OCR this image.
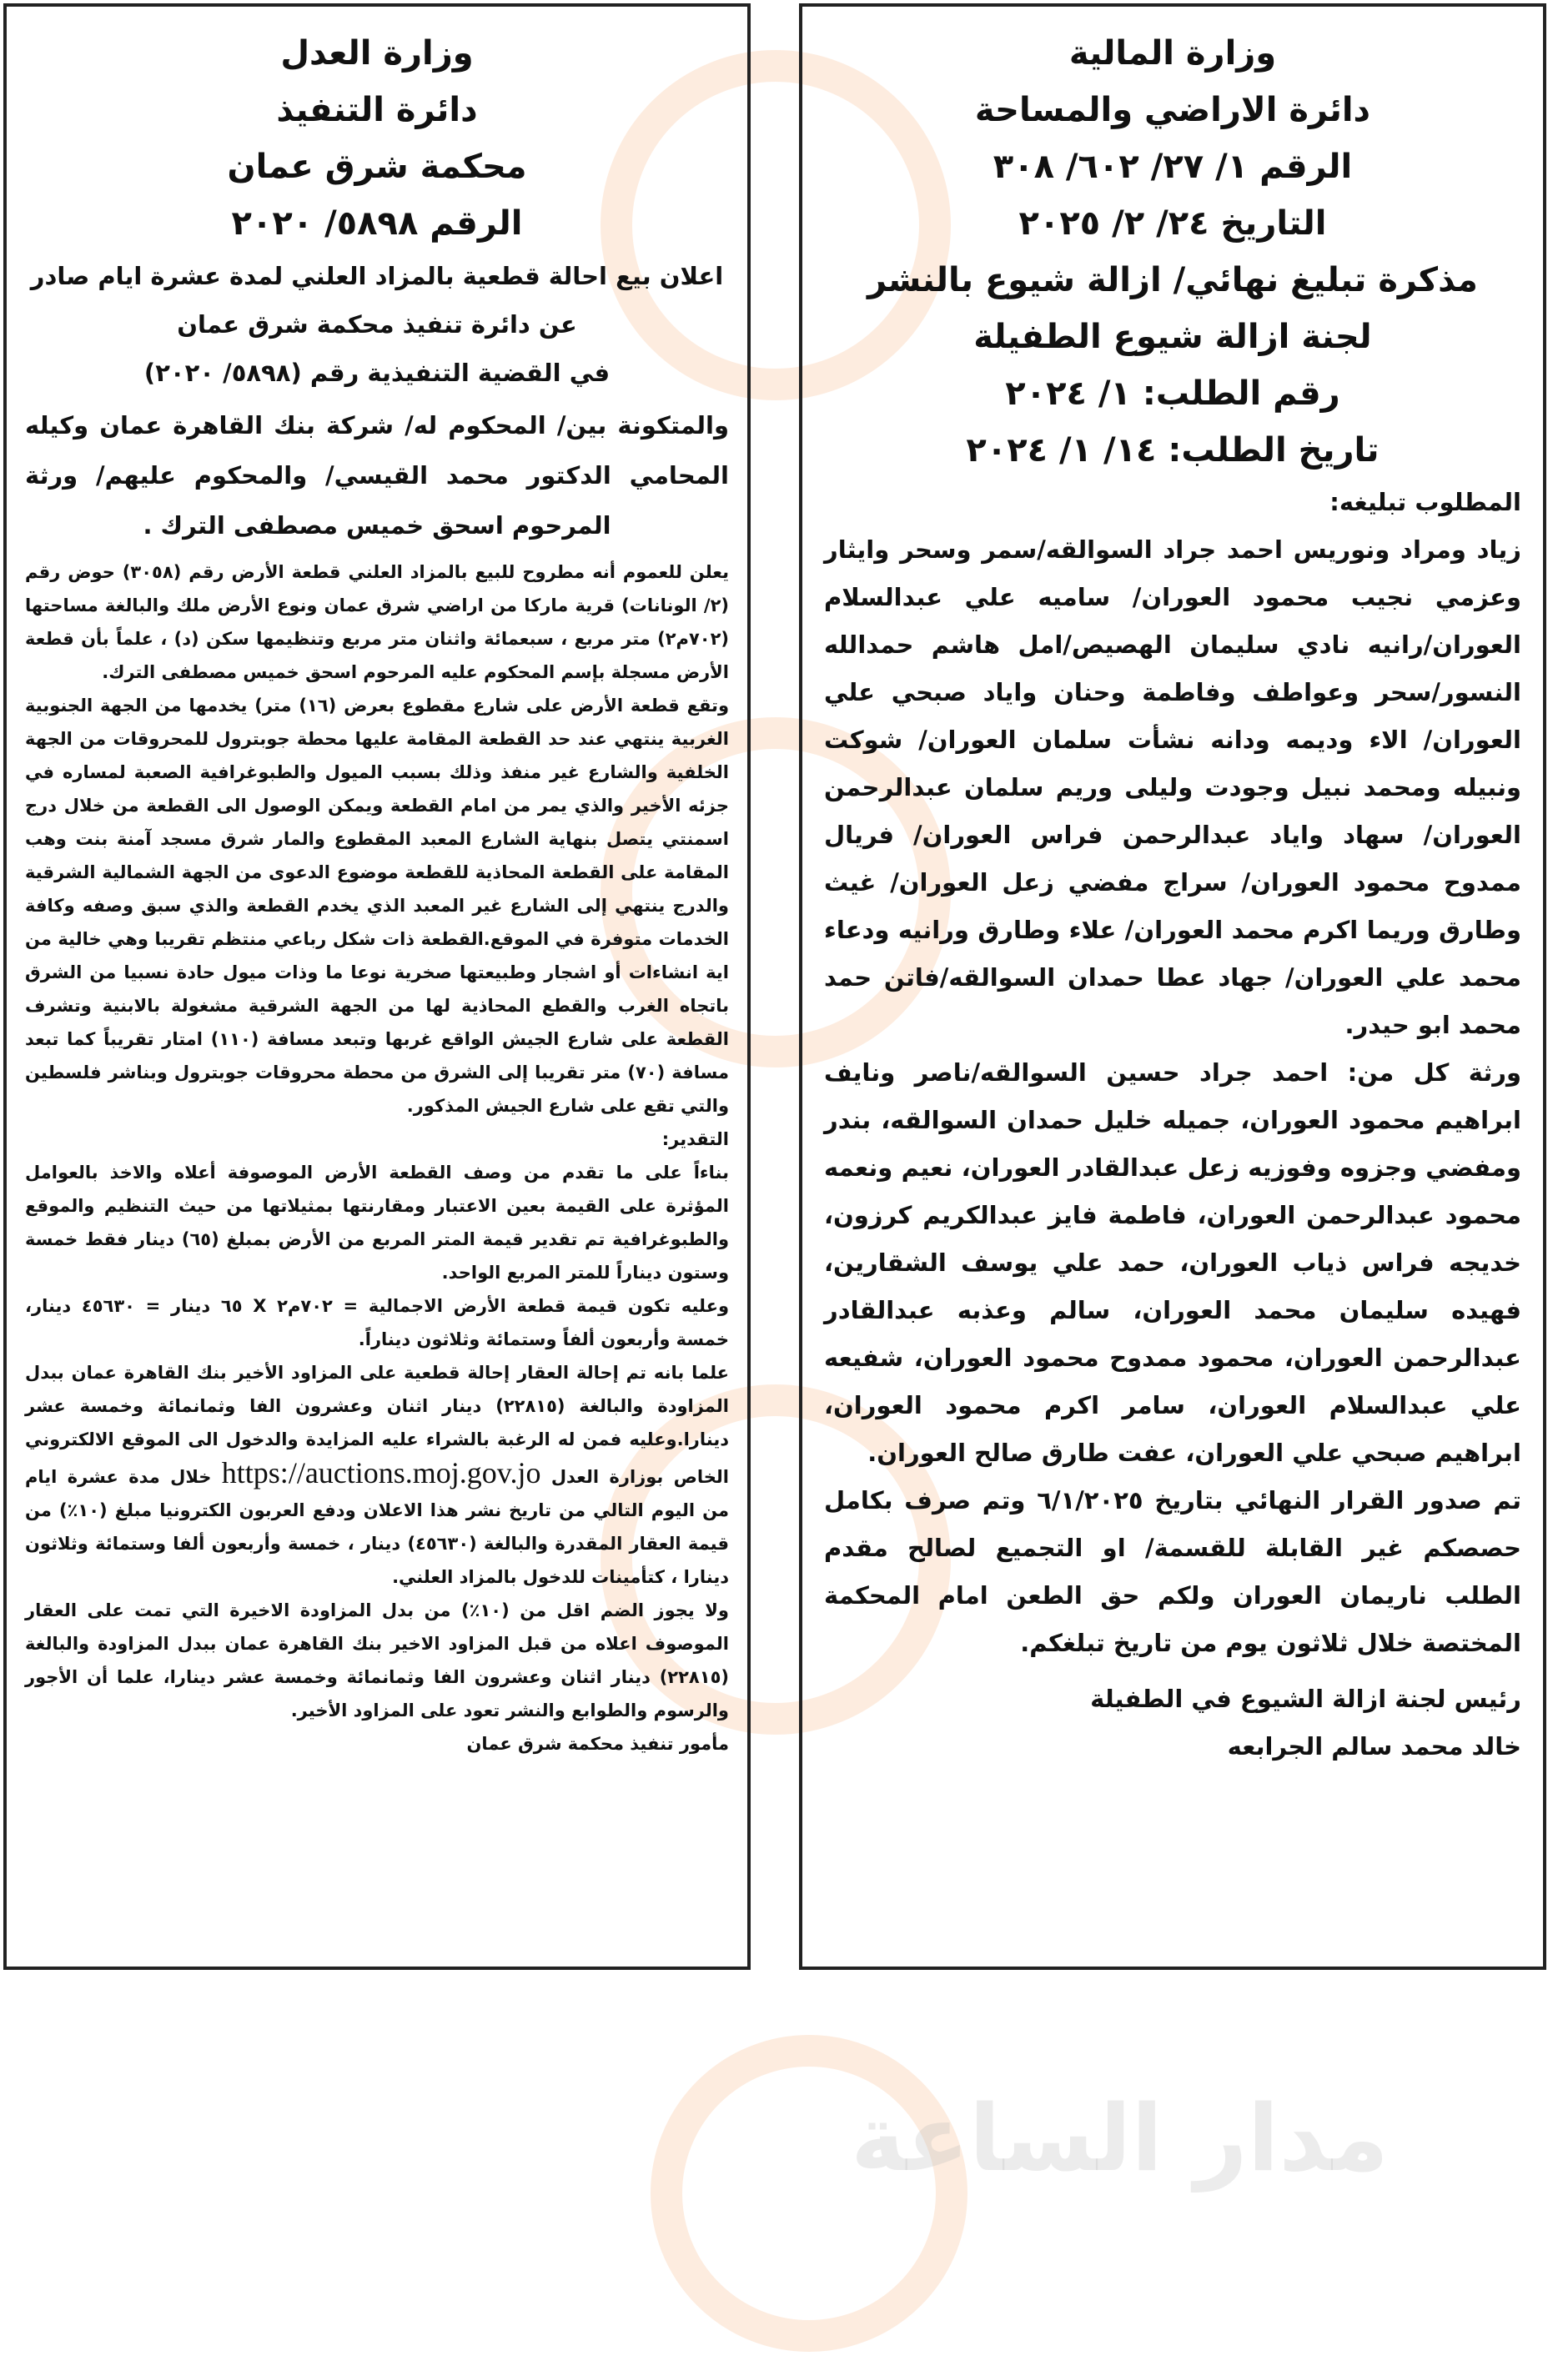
مدار الساعة

وزارة العدل

دائرة التنفيذ

محكمة شرق عمان

الرقم ٥٨٩٨/ ٢٠٢٠

اعلان بيع احالة قطعية بالمزاد العلني لمدة عشرة ايام صادر

عن دائرة تنفيذ محكمة شرق عمان

في القضية التنفيذية رقم (٥٨٩٨/ ٢٠٢٠)

والمتكونة بين/ المحكوم له/ شركة بنك القاهرة عمان وكيله المحامي الدكتور محمد القيسي/ والمحكوم عليهم/ ورثة المرحوم اسحق خميس مصطفى الترك .

يعلن للعموم أنه مطروح للبيع بالمزاد العلني قطعة الأرض رقم (٣٠٥٨) حوض رقم (٢/ الونانات) قرية ماركا من اراضي شرق عمان ونوع الأرض ملك والبالغة مساحتها (٧٠٢م٢) متر مربع ، سبعمائة واثنان متر مربع وتنظيمها سكن (د) ، علماً بأن قطعة الأرض مسجلة بإسم المحكوم عليه المرحوم اسحق خميس مصطفى الترك.

وتقع قطعة الأرض على شارع مقطوع بعرض (١٦) متر) يخدمها من الجهة الجنوبية الغربية ينتهي عند حد القطعة المقامة عليها محطة جوبترول للمحروقات من الجهة الخلفية والشارع غير منفذ وذلك بسبب الميول والطبوغرافية الصعبة لمساره في جزئه الأخير والذي يمر من امام القطعة ويمكن الوصول الى القطعة من خلال درج اسمنتي يتصل بنهاية الشارع المعبد المقطوع والمار شرق مسجد آمنة بنت وهب المقامة على القطعة المحاذية للقطعة موضوع الدعوى من الجهة الشمالية الشرقية والدرج ينتهي إلى الشارع غير المعبد الذي يخدم القطعة والذي سبق وصفه وكافة الخدمات متوفرة في الموقع.القطعة ذات شكل رباعي منتظم تقريبا وهي خالية من اية انشاءات أو اشجار وطبيعتها صخرية نوعا ما وذات ميول حادة نسبيا من الشرق باتجاه الغرب والقطع المحاذية لها من الجهة الشرقية مشغولة بالابنية وتشرف القطعة على شارع الجيش الواقع غربها وتبعد مسافة (١١٠) امتار تقريباً كما تبعد مسافة (٧٠) متر تقريبا إلى الشرق من محطة محروقات جوبترول وبناشر فلسطين والتي تقع على شارع الجيش المذكور.

التقدير:

بناءاً على ما تقدم من وصف القطعة الأرض الموصوفة أعلاه والاخذ بالعوامل المؤثرة على القيمة بعين الاعتبار ومقارنتها بمثيلاتها من حيث التنظيم والموقع والطبوغرافية تم تقدير قيمة المتر المربع من الأرض بمبلغ (٦٥) دينار فقط خمسة وستون ديناراً للمتر المربع الواحد.

وعليه تكون قيمة قطعة الأرض الاجمالية = ٧٠٢م٢ X ٦٥ دينار = ٤٥٦٣٠ دينار، خمسة وأربعون ألفاً وستمائة وثلاثون ديناراً.

علما بانه تم إحالة العقار إحالة قطعية على المزاود الأخير بنك القاهرة عمان ببدل المزاودة والبالغة (٢٢٨١٥) دينار اثنان وعشرون الفا وثمانمائة وخمسة عشر دينارا.وعليه فمن له الرغبة بالشراء عليه المزايدة والدخول الى الموقع الالكتروني الخاص بوزارة العدل https://auctions.moj.gov.jo خلال مدة عشرة ايام من اليوم التالي من تاريخ نشر هذا الاعلان ودفع العربون الكترونيا مبلغ (١٠٪) من قيمة العقار المقدرة والبالغة (٤٥٦٣٠) دينار ، خمسة وأربعون ألفا وستمائة وثلاثون دينارا ، كتأمينات للدخول بالمزاد العلني.

ولا يجوز الضم اقل من (١٠٪) من بدل المزاودة الاخيرة التي تمت على العقار الموصوف اعلاه من قبل المزاود الاخير بنك القاهرة عمان ببدل المزاودة والبالغة (٢٢٨١٥) دينار اثنان وعشرون الفا وثمانمائة وخمسة عشر دينارا، علما أن الأجور والرسوم والطوابع والنشر تعود على المزاود الأخير.

مأمور تنفيذ محكمة شرق عمان

وزارة المالية

دائرة الاراضي والمساحة

الرقم ١/ ٢٧/ ٦٠٢/ ٣٠٨

التاريخ ٢٤/ ٢/ ٢٠٢٥

مذكرة تبليغ نهائي/ ازالة شيوع بالنشر

لجنة ازالة شيوع الطفيلة

رقم الطلب: ١/ ٢٠٢٤

تاريخ الطلب: ١٤/ ١/ ٢٠٢٤

المطلوب تبليغه:

زياد ومراد ونوريس احمد جراد السوالقه/سمر وسحر وايثار وعزمي نجيب محمود العوران/ ساميه علي عبدالسلام العوران/رانيه نادي سليمان الهصيص/امل هاشم حمدالله النسور/سحر وعواطف وفاطمة وحنان واياد صبحي علي العوران/ الاء وديمه ودانه نشأت سلمان العوران/ شوكت ونبيله ومحمد نبيل وجودت وليلى وريم سلمان عبدالرحمن العوران/ سهاد واياد عبدالرحمن فراس العوران/ فريال ممدوح محمود العوران/ سراج مفضي زعل العوران/ غيث وطارق وريما اكرم محمد العوران/ علاء وطارق ورانيه ودعاء محمد علي العوران/ جهاد عطا حمدان السوالقه/فاتن حمد محمد ابو حيدر.

ورثة كل من: احمد جراد حسين السوالقه/ناصر ونايف ابراهيم محمود العوران، جميله خليل حمدان السوالقه، بندر ومفضي وجزوه وفوزيه زعل عبدالقادر العوران، نعيم ونعمه محمود عبدالرحمن العوران، فاطمة فايز عبدالكريم كرزون، خديجه فراس ذياب العوران، حمد علي يوسف الشقارين، فهيده سليمان محمد العوران، سالم وعذبه عبدالقادر عبدالرحمن العوران، محمود ممدوح محمود العوران، شفيعه علي عبدالسلام العوران، سامر اكرم محمود العوران، ابراهيم صبحي علي العوران، عفت طارق صالح العوران.

تم صدور القرار النهائي بتاريخ ٦/١/٢٠٢٥ وتم صرف بكامل حصصكم غير القابلة للقسمة/ او التجميع لصالح مقدم الطلب ناريمان العوران ولكم حق الطعن امام المحكمة المختصة خلال ثلاثون يوم من تاريخ تبلغكم.

رئيس لجنة ازالة الشيوع في الطفيلة

خالد محمد سالم الجرابعه
